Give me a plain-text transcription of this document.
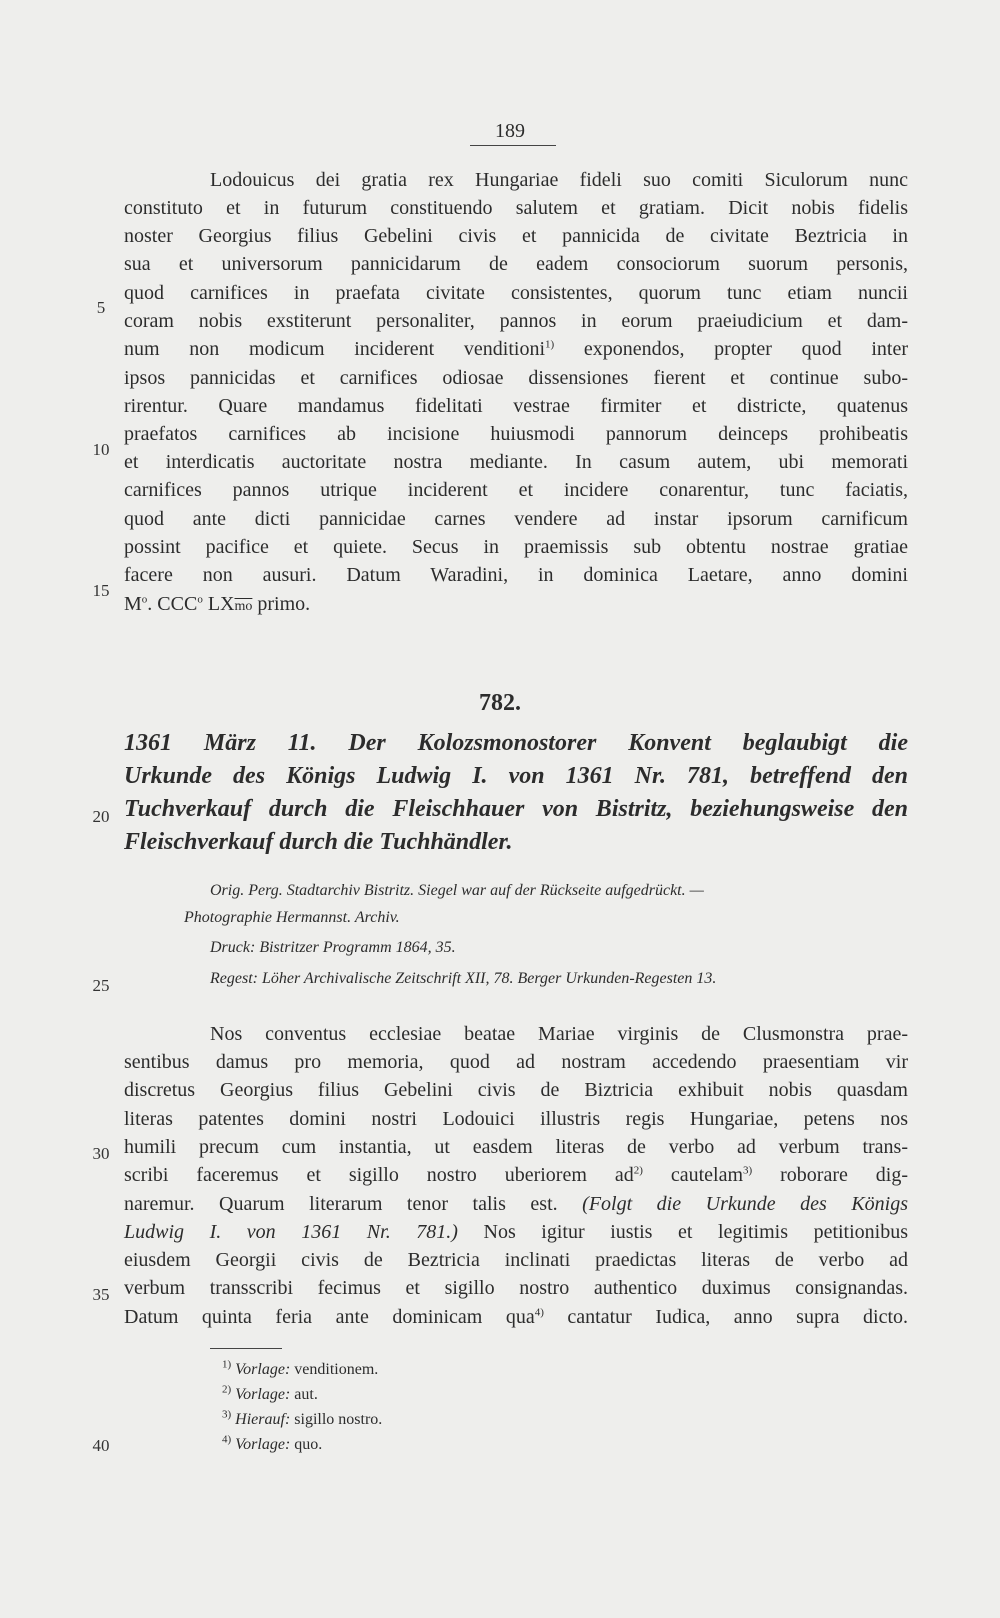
189
Lodouicus dei gratia rex Hungariae fideli suo comiti Siculorum nunc
constituto et in futurum constituendo salutem et gratiam. Dicit nobis fidelis
noster Georgius filius Gebelini civis et pannicida de civitate Beztricia in
sua et universorum pannicidarum de eadem consociorum suorum personis,
quod carnifices in praefata civitate consistentes, quorum tunc etiam nuncii
coram nobis exstiterunt personaliter, pannos in eorum praeiudicium et dam-
num non modicum inciderent venditioni$^{1)}$ exponendos, propter quod inter
ipsos pannicidas et carnifices odiosae dissensiones fierent et continue subo-
rirentur. Quare mandamus fidelitati vestrae firmiter et districte, quatenus
praefatos carnifices ab incisione huiusmodi pannorum deinceps prohibeatis
et interdicatis auctoritate nostra mediante. In casum autem, ubi memorati
carnifices pannos utrique inciderent et incidere conarentur, tunc faciatis,
quod ante dicti pannicidae carnes vendere ad instar ipsorum carnificum
possint pacifice et quiete. Secus in praemissis sub obtentu nostrae gratiae
facere non ausuri. Datum Waradini, in dominica Laetare, anno domini
$M^o$. CCC$^o$ $LX\overline{mo}$ primo.
782.
1361 März 11. Der Kolozsmonostorer Konvent beglaubigt die
Urkunde des Königs Ludwig I. von 1361 Nr. 781, betreffend den
Tuchverkauf durch die Fleischhauer von Bistritz, beziehungsweise den
Fleischverkauf durch die Tuchhändler.
Orig. Perg. Stadtarchiv Bistritz. Siegel war auf der Rückseite aufgedrückt. —
Photographie Hermannst. Archiv.
Druck: Bistritzer Programm 1864, 35.
Regest: Löher Archivalische Zeitschrift XII, 78. Berger Urkunden-Regesten 13.
Nos conventus ecclesiae beatae Mariae virginis de Clusmonstra prae-
sentibus damus pro memoria, quod ad nostram accedendo praesentiam vir
discretus Georgius filius Gebelini civis de Biztricia exhibuit nobis quasdam
literas patentes domini nostri Lodouici illustris regis Hungariae, petens nos
humili precum cum instantia, ut easdem literas de verbo ad verbum trans-
scribi faceremus et sigillo nostro uberiorem $ad^{2)}$ cautelam$^{3)}$ roborare dig-
naremur. Quarum literarum tenor talis est. (Folgt die Urkunde des Königs
Ludwig I. von 1361 Nr. 781.) Nos igitur iustis et legitimis petitionibus
eiusdem Georgii civis de Beztricia inclinati praedictas literas de verbo ad
verbum transscribi fecimus et sigillo nostro authentico duximus consignandas.
Datum quinta feria ante dominicam qua$^{4)}$ cantatur Iudica, anno supra dicto.
$^{1)}$ Vorlage: venditionem.
$^{2)}$ Vorlage: aut.
$^{3)}$ Hierauf: sigillo nostro.
$^{4)}$ Vorlage: quo.
5
10
15
20
25
30
35
40
